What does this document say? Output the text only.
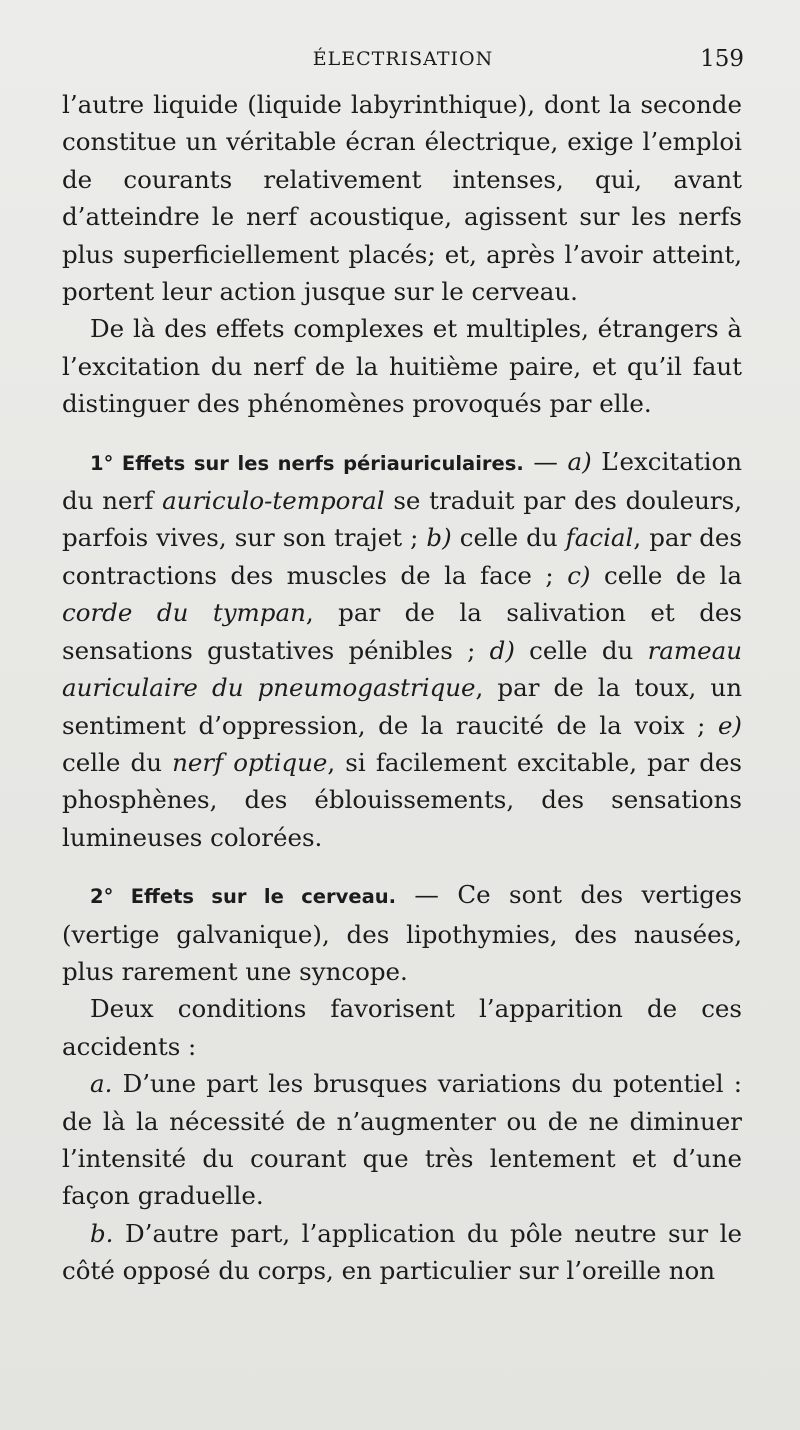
ÉLECTRISATION	159

l’autre liquide (liquide labyrinthique), dont la seconde constitue un véritable écran électrique, exige l’emploi de courants relativement intenses, qui, avant d’atteindre le nerf acoustique, agissent sur les nerfs plus superficiellement placés; et, après l’avoir atteint, portent leur action jusque sur le cerveau.

De là des effets complexes et multiples, étrangers à l’excitation du nerf de la huitième paire, et qu’il faut distinguer des phénomènes provoqués par elle.

1° Effets sur les nerfs périauriculaires. — a) L’excitation du nerf auriculo-temporal se traduit par des douleurs, parfois vives, sur son trajet ; b) celle du facial, par des contractions des muscles de la face ; c) celle de la corde du tympan, par de la salivation et des sensations gustatives pénibles ; d) celle du rameau auriculaire du pneumogastrique, par de la toux, un sentiment d’oppression, de la raucité de la voix ; e) celle du nerf optique, si facilement excitable, par des phosphènes, des éblouissements, des sensations lumineuses colorées.

2° Effets sur le cerveau. — Ce sont des vertiges (vertige galvanique), des lipothymies, des nausées, plus rarement une syncope.

Deux conditions favorisent l’apparition de ces accidents :

a. D’une part les brusques variations du potentiel : de là la nécessité de n’augmenter ou de ne diminuer l’intensité du courant que très lentement et d’une façon graduelle.

b. D’autre part, l’application du pôle neutre sur le côté opposé du corps, en particulier sur l’oreille non
